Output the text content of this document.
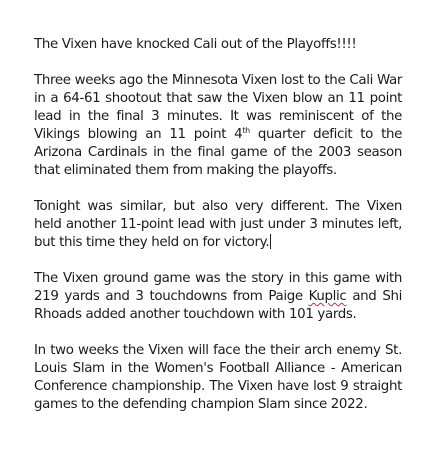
The Vixen have knocked Cali out of the Playoffs!!!!

Three weeks ago the Minnesota Vixen lost to the Cali War in a 64-61 shootout that saw the Vixen blow an 11 point lead in the final 3 minutes. It was reminiscent of the Vikings blowing an 11 point 4th quarter deficit to the Arizona Cardinals in the final game of the 2003 season that eliminated them from making the playoffs.

Tonight was similar, but also very different. The Vixen held another 11-point lead with just under 3 minutes left, but this time they held on for victory.

The Vixen ground game was the story in this game with 219 yards and 3 touchdowns from Paige Kuplic and Shi Rhoads added another touchdown with 101 yards.

In two weeks the Vixen will face the their arch enemy St. Louis Slam in the Women's Football Alliance - American Conference championship. The Vixen have lost 9 straight games to the defending champion Slam since 2022.
